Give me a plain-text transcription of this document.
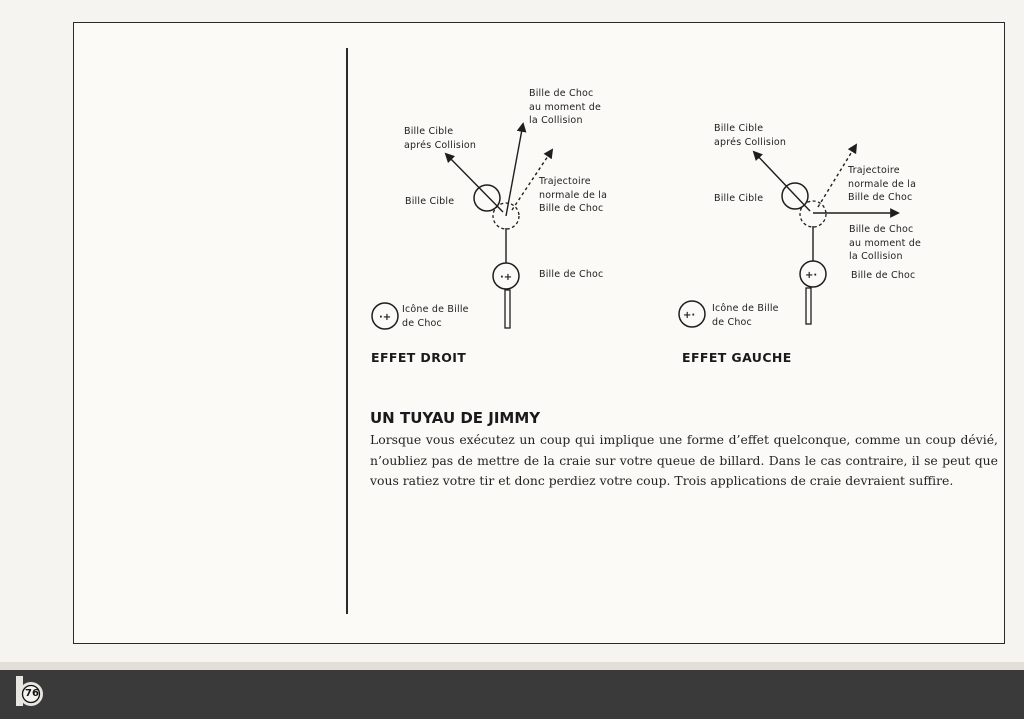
·+
·+
+·
+·
Bille Cible
aprés Collision
Bille de Choc
au moment de
la Collision
Trajectoire
normale de la
Bille de Choc
Bille Cible
Bille de Choc
Icône de Bille
de Choc
EFFET DROIT
Bille Cible
aprés Collision
Trajectoire
normale de la
Bille de Choc
Bille Cible
Bille de Choc
au moment de
la Collision
Bille de Choc
Icône de Bille
de Choc
EFFET GAUCHE
UN TUYAU DE JIMMY
Lorsque vous exécutez un coup qui implique une forme d’effet quelconque, comme un coup dévié, n’oubliez pas de mettre de la craie sur votre queue de billard. Dans le cas contraire, il se peut que vous ratiez votre tir et donc perdiez votre coup. Trois applications de craie devraient suffire.
76
